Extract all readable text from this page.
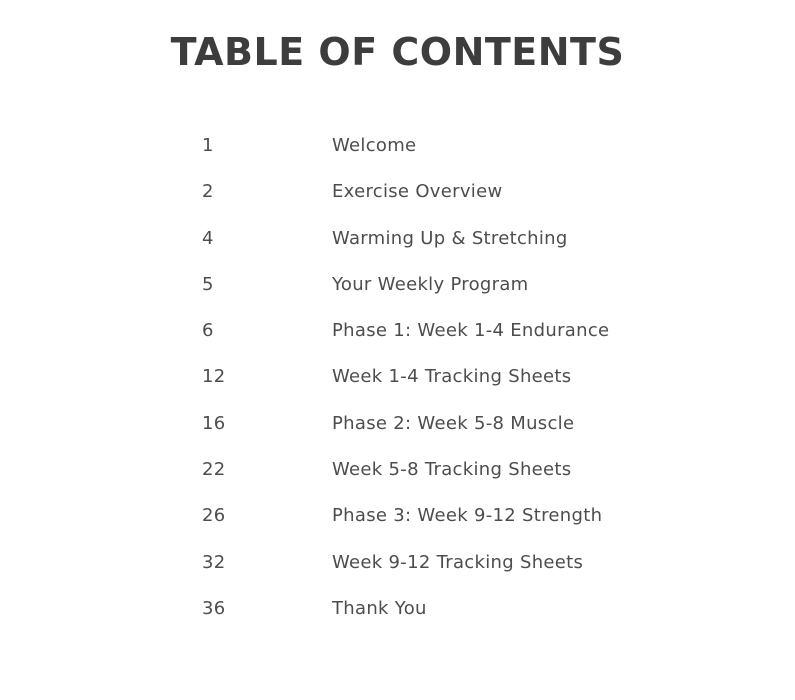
TABLE OF CONTENTS
1	Welcome
2	Exercise Overview
4	Warming Up & Stretching
5	Your Weekly Program
6	Phase 1: Week 1-4 Endurance
12	Week 1-4 Tracking Sheets
16	Phase 2: Week 5-8 Muscle
22	Week 5-8 Tracking Sheets
26	Phase 3: Week 9-12 Strength
32	Week 9-12 Tracking Sheets
36	Thank You
